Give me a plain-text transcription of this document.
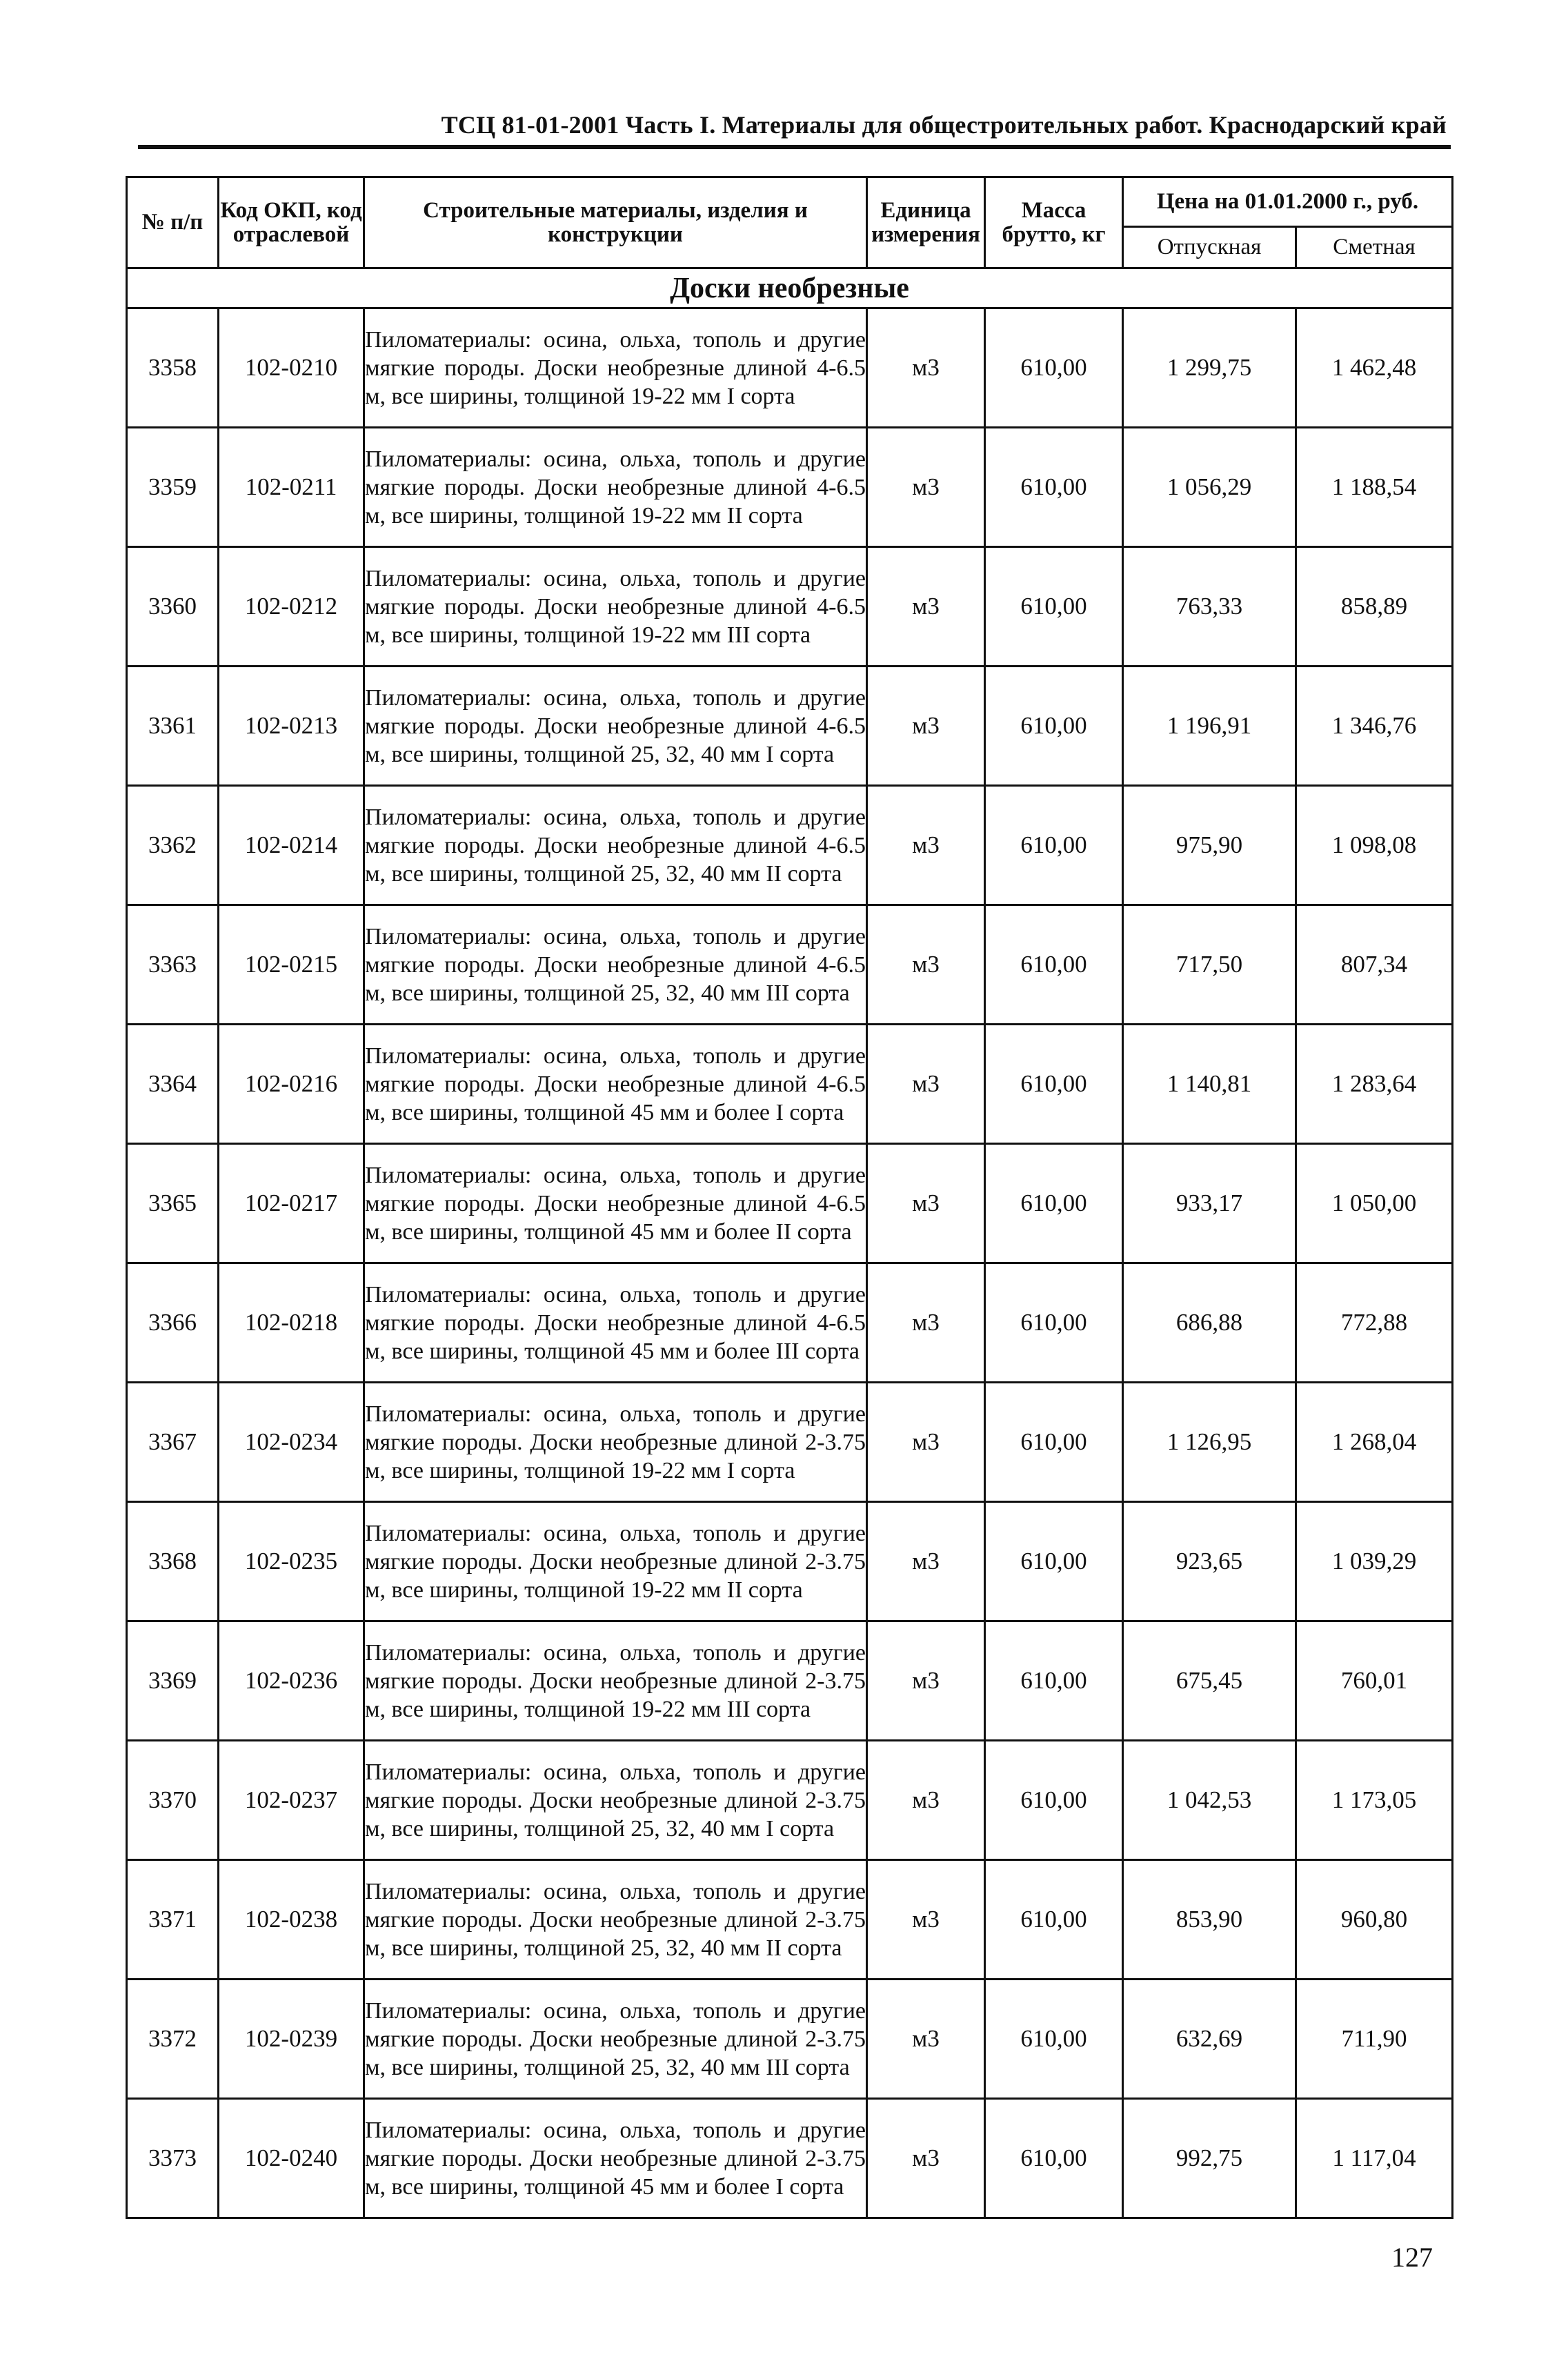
ТСЦ 81-01-2001 Часть I. Материалы для общестроительных работ. Краснодарский край
№ п/п	Код ОКП, код отраслевой	Строительные материалы, изделия и конструкции	Единица измерения	Масса брутто, кг	Цена на 01.01.2000 г., руб.	
					Отпускная	Сметная
Доски необрезные						
3358	102-0210	Пиломатериалы: осина, ольха, тополь и другие мягкие породы. Доски необрезные длиной 4-6.5 м, все ширины, толщиной 19-22 мм I сорта	м3	610,00	1 299,75	1 462,48
3359	102-0211	Пиломатериалы: осина, ольха, тополь и другие мягкие породы. Доски необрезные длиной 4-6.5 м, все ширины, толщиной 19-22 мм II сорта	м3	610,00	1 056,29	1 188,54
3360	102-0212	Пиломатериалы: осина, ольха, тополь и другие мягкие породы. Доски необрезные длиной 4-6.5 м, все ширины, толщиной 19-22 мм III сорта	м3	610,00	763,33	858,89
3361	102-0213	Пиломатериалы: осина, ольха, тополь и другие мягкие породы. Доски необрезные длиной 4-6.5 м, все ширины, толщиной 25, 32, 40 мм I сорта	м3	610,00	1 196,91	1 346,76
3362	102-0214	Пиломатериалы: осина, ольха, тополь и другие мягкие породы. Доски необрезные длиной 4-6.5 м, все ширины, толщиной 25, 32, 40 мм II сорта	м3	610,00	975,90	1 098,08
3363	102-0215	Пиломатериалы: осина, ольха, тополь и другие мягкие породы. Доски необрезные длиной 4-6.5 м, все ширины, толщиной 25, 32, 40 мм III сорта	м3	610,00	717,50	807,34
3364	102-0216	Пиломатериалы: осина, ольха, тополь и другие мягкие породы. Доски необрезные длиной 4-6.5 м, все ширины, толщиной 45 мм и более I сорта	м3	610,00	1 140,81	1 283,64
3365	102-0217	Пиломатериалы: осина, ольха, тополь и другие мягкие породы. Доски необрезные длиной 4-6.5 м, все ширины, толщиной 45 мм и более II сорта	м3	610,00	933,17	1 050,00
3366	102-0218	Пиломатериалы: осина, ольха, тополь и другие мягкие породы. Доски необрезные длиной 4-6.5 м, все ширины, толщиной 45 мм и более III сорта	м3	610,00	686,88	772,88
3367	102-0234	Пиломатериалы: осина, ольха, тополь и другие мягкие породы. Доски необрезные длиной 2-3.75 м, все ширины, толщиной 19-22 мм I сорта	м3	610,00	1 126,95	1 268,04
3368	102-0235	Пиломатериалы: осина, ольха, тополь и другие мягкие породы. Доски необрезные длиной 2-3.75 м, все ширины, толщиной 19-22 мм II сорта	м3	610,00	923,65	1 039,29
3369	102-0236	Пиломатериалы: осина, ольха, тополь и другие мягкие породы. Доски необрезные длиной 2-3.75 м, все ширины, толщиной 19-22 мм III сорта	м3	610,00	675,45	760,01
3370	102-0237	Пиломатериалы: осина, ольха, тополь и другие мягкие породы. Доски необрезные длиной 2-3.75 м, все ширины, толщиной 25, 32, 40 мм I сорта	м3	610,00	1 042,53	1 173,05
3371	102-0238	Пиломатериалы: осина, ольха, тополь и другие мягкие породы. Доски необрезные длиной 2-3.75 м, все ширины, толщиной 25, 32, 40 мм II сорта	м3	610,00	853,90	960,80
3372	102-0239	Пиломатериалы: осина, ольха, тополь и другие мягкие породы. Доски необрезные длиной 2-3.75 м, все ширины, толщиной 25, 32, 40 мм III сорта	м3	610,00	632,69	711,90
3373	102-0240	Пиломатериалы: осина, ольха, тополь и другие мягкие породы. Доски необрезные длиной 2-3.75 м, все ширины, толщиной 45 мм и более I сорта	м3	610,00	992,75	1 117,04
127
